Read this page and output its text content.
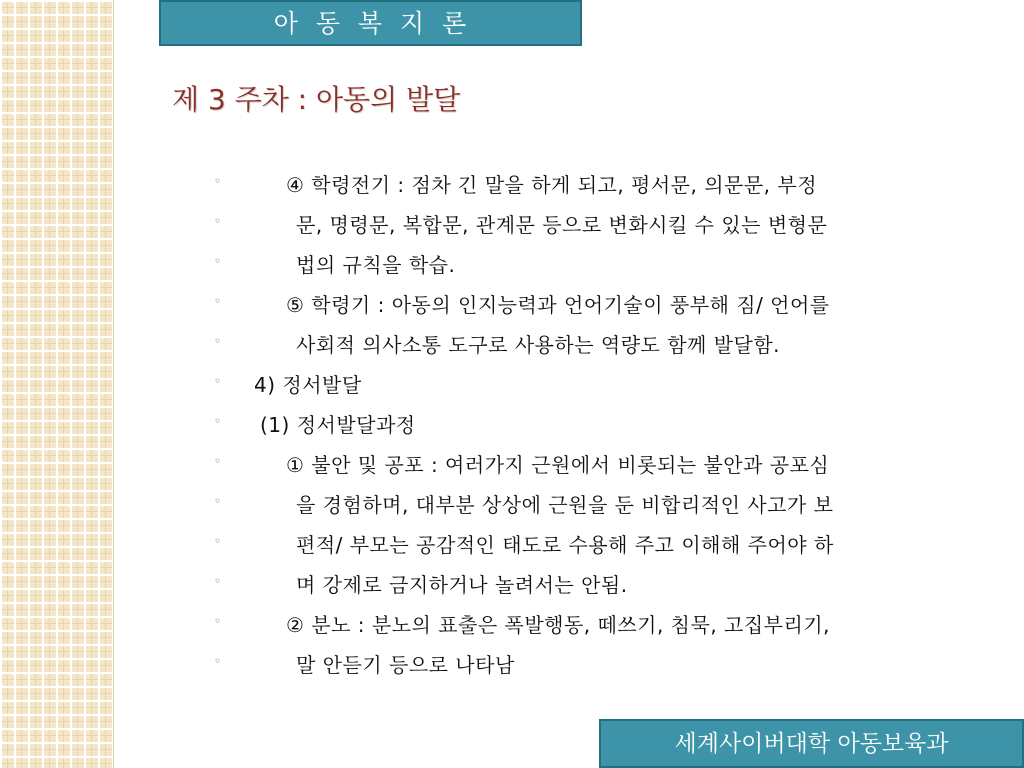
아 동 복 지 론
제 3 주차 : 아동의 발달
◦	④ 학령전기 : 점차 긴 말을 하게 되고, 평서문, 의문문, 부정
◦	문, 명령문, 복합문, 관계문 등으로 변화시킬 수 있는 변형문
◦	법의 규칙을 학습.
◦	⑤ 학령기 : 아동의 인지능력과 언어기술이 풍부해 짐/ 언어를
◦	사회적 의사소통 도구로 사용하는 역량도 함께 발달함.
◦ 4) 정서발달
◦ (1) 정서발달과정
◦	① 불안 및 공포 : 여러가지 근원에서 비롯되는 불안과 공포심
◦	을 경험하며, 대부분 상상에 근원을 둔 비합리적인 사고가 보
◦	편적/ 부모는 공감적인 태도로 수용해 주고 이해해 주어야 하
◦	며 강제로 금지하거나 놀려서는 안됨.
◦	② 분노 : 분노의 표출은 폭발행동, 떼쓰기, 침묵, 고집부리기,
◦	말 안듣기 등으로 나타남
세계사이버대학 아동보육과
